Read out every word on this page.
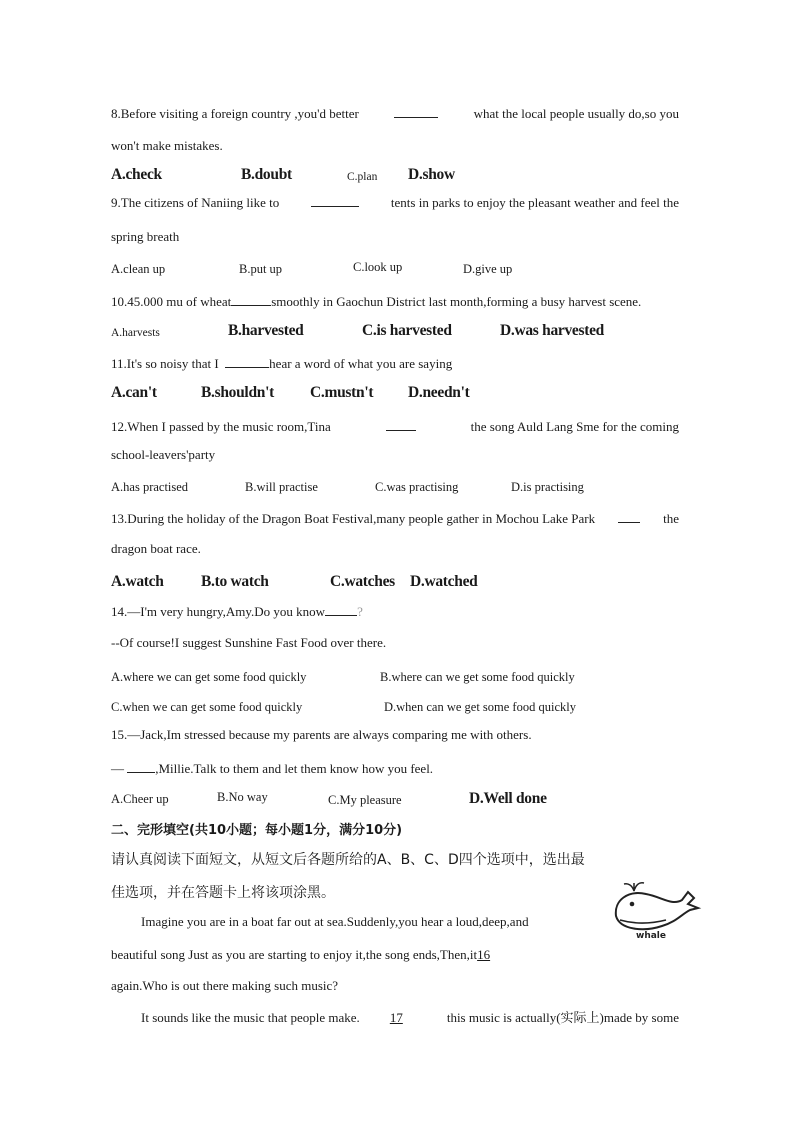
8.Before visiting a foreign country ,you'd better	what the local people usually do,so you
won't make mistakes.
A.check	B.doubt	C.plan D.show
9.The citizens of Naniing like to	tents in parks to enjoy the pleasant weather and feel the
spring breath
A.clean up	B.put up	C.look up	D.give up
10.45.000 mu of wheat	smoothly in Gaochun District last month,forming a busy harvest scene.
A.harvests	B.harvested	C.is harvested	D.was harvested
11.It's so noisy that I	hear a word of what you are saying
A.can't	B.shouldn't C.mustn't D.needn't
12.When I passed by the music room,Tina	the song Auld Lang Sme for the coming
school-leavers'party
A.has practised	B.will practise	C.was practising	D.is practising
13.During the holiday of the Dragon Boat Festival,many people gather in Mochou Lake Park	the
dragon boat race.
A.watch B.to watch	C.watches D.watched
14.—I'm very hungry,Amy.Do you know ?
--Of course!I suggest Sunshine Fast Food over there.
A.where we can get some food quickly	B.where can we get some food quickly
C.when we can get some food quickly	D.when can we get some food quickly
15.—Jack,Im stressed because my parents are always comparing me with others.
— ,Millie.Talk to them and let them know how you feel.
A.Cheer up	B.No way	C.My pleasure	D.Well done
二、完形填空(共10小题；每小题1分，满分10分)
请认真阅读下面短文，从短文后各题所给的A、B、C、D四个选项中，选出最
佳选项，并在答题卡上将该项涂黑。
whale
Imagine you are in a boat far out at sea.Suddenly,you hear a loud,deep,and
beautiful song Just as you are starting to enjoy it,the song ends,Then,it16
again.Who is out there making such music?
It sounds like the music that people make. 17	this music is actually(实际上)made by some
